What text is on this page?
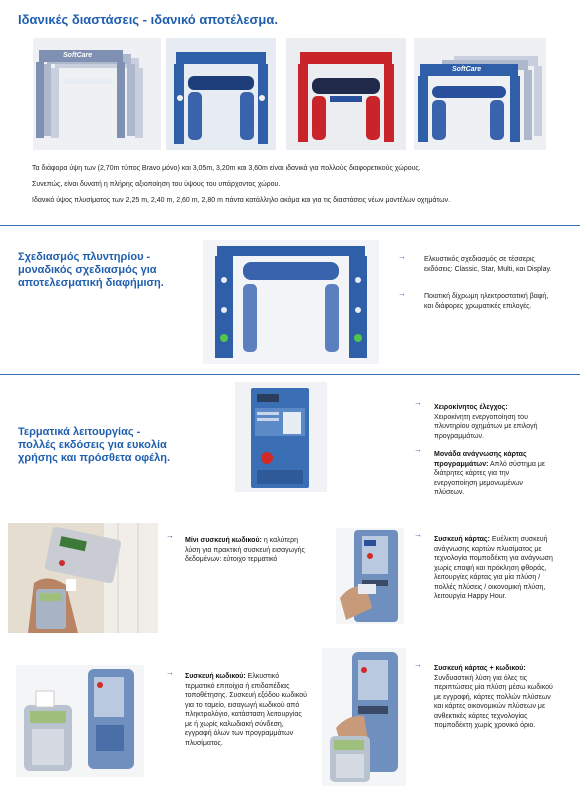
Ιδανικές διαστάσεις - ιδανικό αποτέλεσμα.
SoftCare
SoftCare
Τα διάφορα ύψη των (2,70m τύπος Bravo μόνο) και 3,05m, 3,20m και 3,60m είναι ιδανικά για πολλούς διαφορετικούς χώρους.
Συνεπώς, είναι δυνατή η πλήρης αξιοποίηση του ύψους του υπάρχοντος χώρου.
Ιδανικό ύψος πλυσίματος των 2,25 m, 2,40 m, 2,60 m, 2,80 m πάντα κατάλληλο ακόμα και για τις διαστάσεις νέων μοντέλων οχημάτων.
Σχεδιασμός πλυντηρίου - μοναδικός σχεδιασμός για αποτελεσματική διαφήμιση.
→	Ελκυστικός σχεδιασμός σε τέσσερις εκδόσεις: Classic, Star, Multi, και Display.
→	Ποιοτική δίχρωμη ηλεκτροστατική βαφή, και διάφορες χρωματικές επιλογές.
Τερματικά λειτουργίας - πολλές εκδόσεις για ευκολία χρήσης και πρόσθετα οφέλη.
→
Χειροκίνητος έλεγχος:
Χειροκίνητη ενεργοποίηση του πλυντηρίου οχημάτων με επιλογή προγραμμάτων.
→
Μονάδα ανάγνωσης κάρτας προγραμμάτων: Απλό σύστημα με διάτρητες κάρτες για την ενεργοποίηση μεμονωμένων πλύσεων.
→
Μίνι συσκευή κωδικού: η καλύτερη λύση για πρακτική συσκευή εισαγωγής δεδομένων: εύτοιχο τερματικό
→
Συσκευή κάρτας: Ευέλικτη συσκευή ανάγνωσης καρτών πλυσίματος με τεχνολογία πομποδέκτη για ανάγνωση χωρίς επαφή και πρόκληση φθοράς, λειτουργίες κάρτας για μία πλύση / πολλές πλύσεις / οικονομική πλύση, λειτουργία Happy Hour.
→ Συσκευή κωδικού: Ελκυστικό τερματικό επιτοίχια ή επιδαπέδιας τοποθέτησης. Συσκευή εξόδου κωδικού για το ταμείο, εισαγωγή κωδικού από πληκτρολόγιο, κατάσταση λειτουργίας με ή χωρίς καλωδιακή σύνδεση, εγγραφή όλων των προγραμμάτων πλυσίματος.
→ Συσκευή κάρτας + κωδικού: Συνδυαστική λύση για όλες τις περιπτώσεις μία πλύση μέσω κωδικού με εγγραφή, κάρτες πολλών πλύσεων και κάρτες οικονομικών πλύσεων με ανθεκτικές κάρτες τεχνολογίας πομποδέκτη χωρίς χρονικό όριο.
